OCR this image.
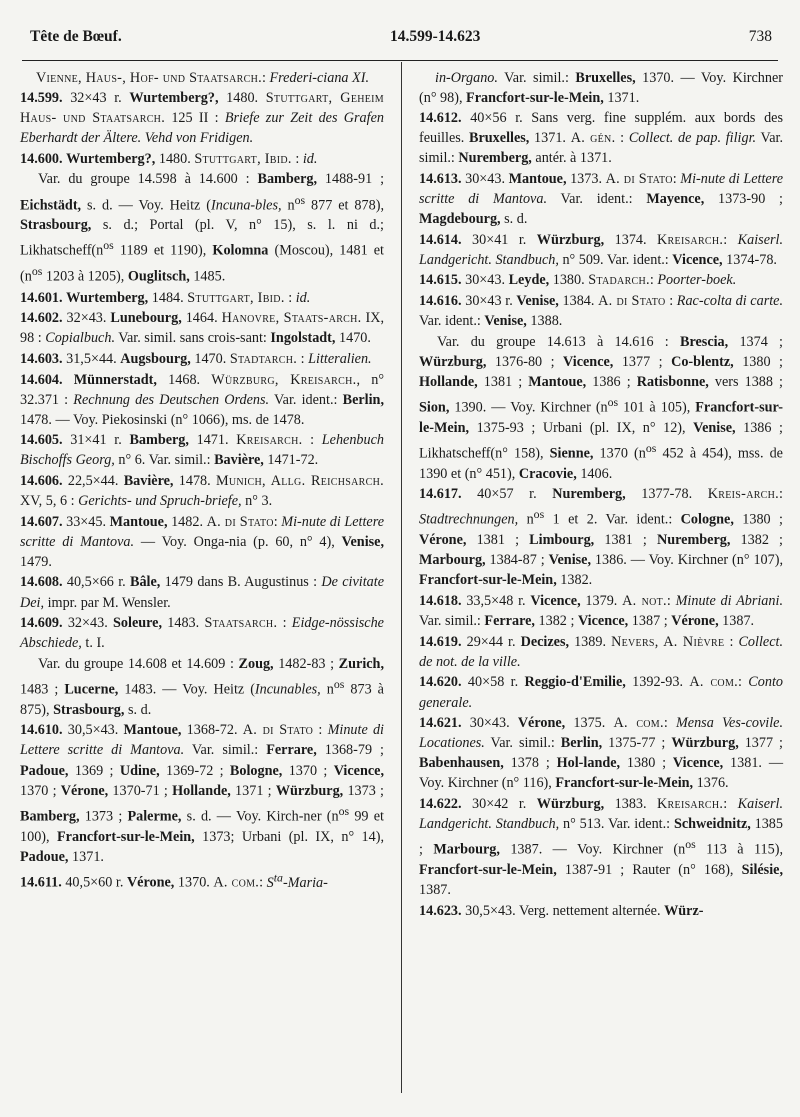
Tête de Bœuf.	14.599-14.623	738
Vienne, Haus-, Hof- und Staatsarch.: Frederi-ciana XI.
14.599. 32×43 r. Wurtemberg?, 1480. Stuttgart, Geheim Haus- und Staatsarch. 125 II : Briefe zur Zeit des Grafen Eberhardt der Ältere. Vehd von Fridigen.
14.600. Wurtemberg?, 1480. Stuttgart, Ibid. : id.
Var. du groupe 14.598 à 14.600 : Bamberg, 1488-91 ; Eichstädt, s. d. — Voy. Heitz (Incuna-bles, $n^{os}$ 877 et 878), Strasbourg, s. d.; Portal (pl. V, n° 15), s. l. ni d.; $Likhatscheff(n^{os}$ 1189 et 1190), Kolomna (Moscou), 1481 et ($n^{os}$ 1203 à 1205), Ouglitsch, 1485.
14.601. Wurtemberg, 1484. Stuttgart, Ibid. : id.
14.602. 32×43. Lunebourg, 1464. Hanovre, Staats-arch. IX, 98 : Copialbuch. Var. simil. sans crois-sant: Ingolstadt, 1470.
14.603. 31,5×44. Augsbourg, 1470. Stadtarch. : Litteralien.
14.604. Münnerstadt, 1468. Würzburg, Kreisarch., n° 32.371 : Rechnung des Deutschen Ordens. Var. ident.: Berlin, 1478. — Voy. Piekosinski (n° 1066), ms. de 1478.
14.605. 31×41 r. Bamberg, 1471. Kreisarch. : Lehenbuch Bischoffs Georg, n° 6. Var. simil.: Bavière, 1471-72.
14.606. 22,5×44. Bavière, 1478. Munich, Allg. Reichsarch. XV, 5, 6 : Gerichts- und Spruch-briefe, n° 3.
14.607. 33×45. Mantoue, 1482. A. di Stato: Mi-nute di Lettere scritte di Mantova. — Voy. Onga-nia (p. 60, n° 4), Venise, 1479.
14.608. 40,5×66 r. Bâle, 1479 dans B. Augustinus : De civitate Dei, impr. par M. Wensler.
14.609. 32×43. Soleure, 1483. Staatsarch. : Eidge-nössische Abschiede, t. I.
Var. du groupe 14.608 et 14.609 : Zoug, 1482-83 ; Zurich, 1483 ; Lucerne, 1483. — Voy. Heitz (Incunables, $n^{os}$ 873 à 875), Strasbourg, s. d.
14.610. 30,5×43. Mantoue, 1368-72. A. di Stato : Minute di Lettere scritte di Mantova. Var. simil.: Ferrare, 1368-79 ; Padoue, 1369 ; Udine, 1369-72 ; Bologne, 1370 ; Vicence, 1370 ; Vérone, 1370-71 ; Hollande, 1371 ; Würzburg, 1373 ; Bamberg, 1373 ; Palerme, s. d. — Voy. Kirch-ner ($n^{os}$ 99 et 100), Francfort-sur-le-Mein, 1373; Urbani (pl. IX, n° 14), Padoue, 1371.
14.611. 40,5×60 r. Vérone, 1370. A. com.: $S^{ta}-Maria-$
in-Organo. Var. simil.: Bruxelles, 1370. — Voy. Kirchner (n° 98), Francfort-sur-le-Mein, 1371.
14.612. 40×56 r. Sans verg. fine supplém. aux bords des feuilles. Bruxelles, 1371. A. gén. : Collect. de pap. filigr. Var. simil.: Nuremberg, antér. à 1371.
14.613. 30×43. Mantoue, 1373. A. di Stato: Mi-nute di Lettere scritte di Mantova. Var. ident.: Mayence, 1373-90 ; Magdebourg, s. d.
14.614. 30×41 r. Würzburg, 1374. Kreisarch.: Kaiserl. Landgericht. Standbuch, n° 509. Var. ident.: Vicence, 1374-78.
14.615. 30×43. Leyde, 1380. Stadarch.: Poorter-boek.
14.616. 30×43 r. Venise, 1384. A. di Stato : Rac-colta di carte. Var. ident.: Venise, 1388.
Var. du groupe 14.613 à 14.616 : Brescia, 1374 ; Würzburg, 1376-80 ; Vicence, 1377 ; Co-blentz, 1380 ; Hollande, 1381 ; Mantoue, 1386 ; Ratisbonne, vers 1388 ; Sion, 1390. — Voy. Kirchner ($n^{os}$ 101 à 105), Francfort-sur-le-Mein, 1375-93 ; Urbani (pl. IX, n° 12), Venise, 1386 ; Likhatscheff(n° 158), Sienne, 1370 ($n^{os}$ 452 à 454), mss. de 1390 et (n° 451), Cracovie, 1406.
14.617. 40×57 r. Nuremberg, 1377-78. Kreis-arch.: Stadtrechnungen, $n^{os}$ 1 et 2. Var. ident.: Cologne, 1380 ; Vérone, 1381 ; Limbourg, 1381 ; Nuremberg, 1382 ; Marbourg, 1384-87 ; Venise, 1386. — Voy. Kirchner (n° 107), Francfort-sur-le-Mein, 1382.
14.618. 33,5×48 r. Vicence, 1379. A. not.: Minute di Abriani. Var. simil.: Ferrare, 1382 ; Vicence, 1387 ; Vérone, 1387.
14.619. 29×44 r. Decizes, 1389. Nevers, A. Nièvre : Collect. de not. de la ville.
14.620. 40×58 r. Reggio-d'Emilie, 1392-93. A. com.: Conto generale.
14.621. 30×43. Vérone, 1375. A. com.: Mensa Ves-covile. Locationes. Var. simil.: Berlin, 1375-77 ; Würzburg, 1377 ; Babenhausen, 1378 ; Hol-lande, 1380 ; Vicence, 1381. — Voy. Kirchner (n° 116), Francfort-sur-le-Mein, 1376.
14.622. 30×42 r. Würzburg, 1383. Kreisarch.: Kaiserl. Landgericht. Standbuch, n° 513. Var. ident.: Schweidnitz, 1385 ; Marbourg, 1387. — Voy. Kirchner ($n^{os}$ 113 à 115), Francfort-sur-le-Mein, 1387-91 ; Rauter (n° 168), Silésie, 1387.
14.623. 30,5×43. Verg. nettement alternée. Würz-
